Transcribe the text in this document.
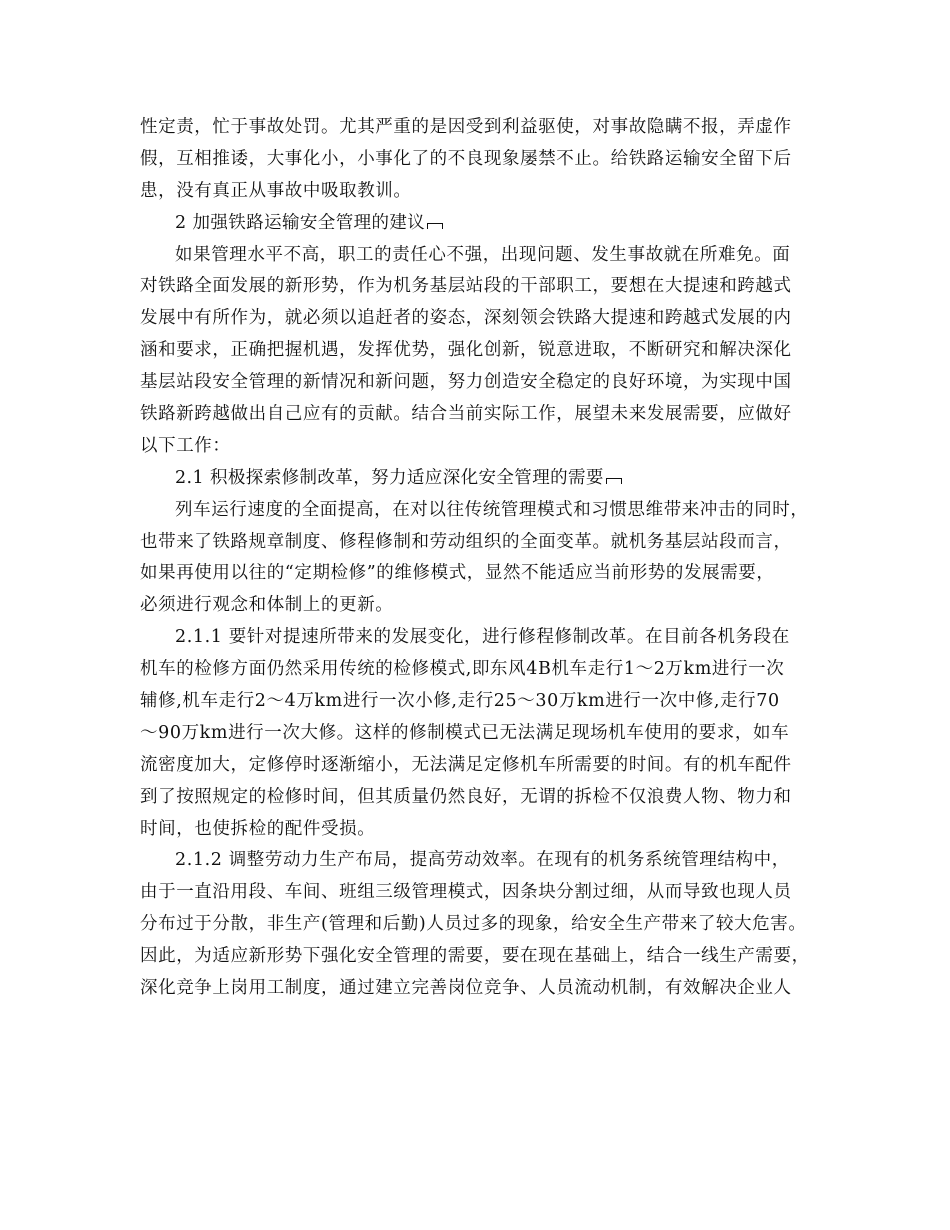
性定责，忙于事故处罚。尤其严重的是因受到利益驱使，对事故隐瞒不报，弄虚作
假，互相推诿，大事化小，小事化了的不良现象屡禁不止。给铁路运输安全留下后
患，没有真正从事故中吸取教训。
2 加强铁路运输安全管理的建议
如果管理水平不高，职工的责任心不强，出现问题、发生事故就在所难免。面
对铁路全面发展的新形势，作为机务基层站段的干部职工，要想在大提速和跨越式
发展中有所作为，就必须以追赶者的姿态，深刻领会铁路大提速和跨越式发展的内
涵和要求，正确把握机遇，发挥优势，强化创新，锐意进取，不断研究和解决深化
基层站段安全管理的新情况和新问题，努力创造安全稳定的良好环境，为实现中国
铁路新跨越做出自己应有的贡献。结合当前实际工作，展望未来发展需要，应做好
以下工作：
2.1 积极探索修制改革，努力适应深化安全管理的需要
列车运行速度的全面提高，在对以往传统管理模式和习惯思维带来冲击的同时，
也带来了铁路规章制度、修程修制和劳动组织的全面变革。就机务基层站段而言，
如果再使用以往的“定期检修”的维修模式，显然不能适应当前形势的发展需要，
必须进行观念和体制上的更新。
2.1.1 要针对提速所带来的发展变化，进行修程修制改革。在目前各机务段在
机车的检修方面仍然采用传统的检修模式,即东风4B机车走行1～2万km进行一次
辅修,机车走行2～4万km进行一次小修,走行25～30万km进行一次中修,走行70
～90万km进行一次大修。这样的修制模式已无法满足现场机车使用的要求，如车
流密度加大，定修停时逐渐缩小，无法满足定修机车所需要的时间。有的机车配件
到了按照规定的检修时间，但其质量仍然良好，无谓的拆检不仅浪费人物、物力和
时间，也使拆检的配件受损。
2.1.2 调整劳动力生产布局，提高劳动效率。在现有的机务系统管理结构中，
由于一直沿用段、车间、班组三级管理模式，因条块分割过细，从而导致也现人员
分布过于分散，非生产(管理和后勤)人员过多的现象，给安全生产带来了较大危害。
因此，为适应新形势下强化安全管理的需要，要在现在基础上，结合一线生产需要，
深化竞争上岗用工制度，通过建立完善岗位竞争、人员流动机制，有效解决企业人
